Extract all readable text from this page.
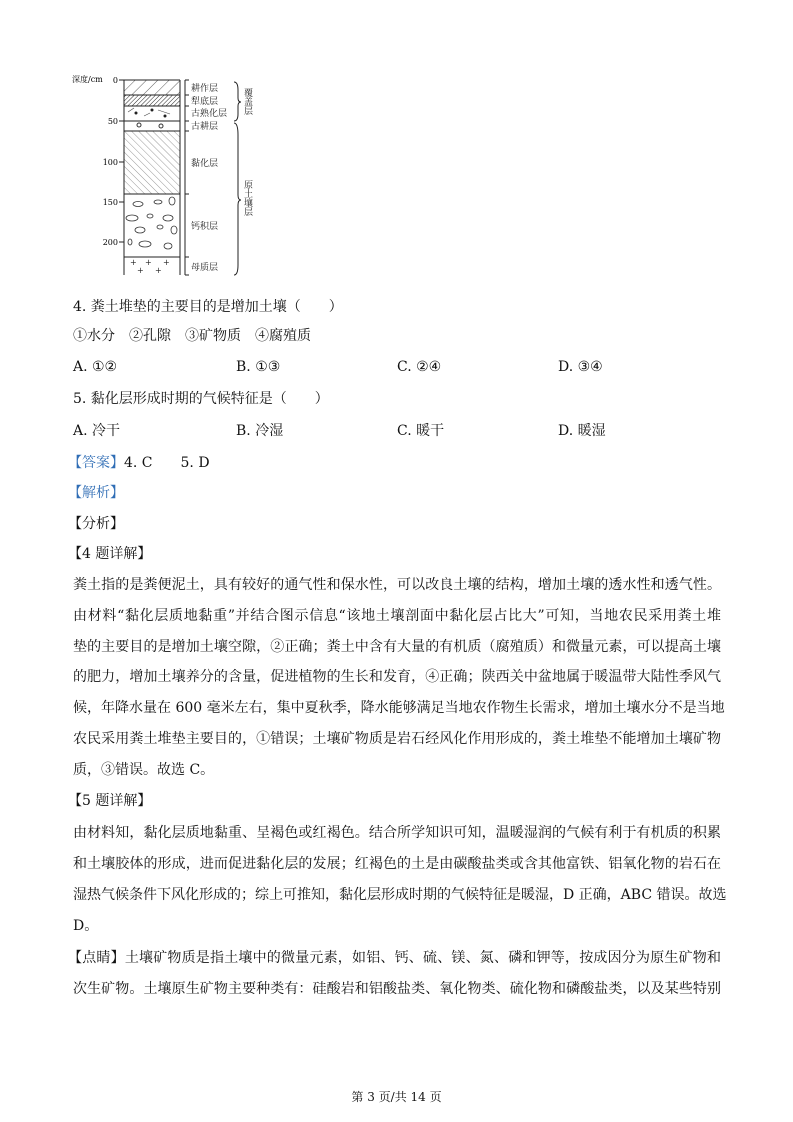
深度/cm 0
50
100
150
200
+ + +
+ +
耕作层
犁底层
古熟化层
古耕层
黏化层
钙积层
母质层
覆盖层
原土壤层
4. 粪土堆垫的主要目的是增加土壤（　　）
①水分　②孔隙　③矿物质　④腐殖质
A. ①②	B. ①③	C. ②④	D. ③④
5. 黏化层形成时期的气候特征是（　　）
A. 冷干	B. 冷湿	C. 暖干	D. 暖湿
【答案】4. C　　5. D
【解析】
【分析】
【4 题详解】
粪土指的是粪便泥土，具有较好的通气性和保水性，可以改良土壤的结构，增加土壤的透水性和透气性。
由材料“黏化层质地黏重”并结合图示信息“该地土壤剖面中黏化层占比大”可知，当地农民采用粪土堆
垫的主要目的是增加土壤空隙，②正确；粪土中含有大量的有机质（腐殖质）和微量元素，可以提高土壤
的肥力，增加土壤养分的含量，促进植物的生长和发育，④正确；陕西关中盆地属于暖温带大陆性季风气
候，年降水量在 600 毫米左右，集中夏秋季，降水能够满足当地农作物生长需求，增加土壤水分不是当地
农民采用粪土堆垫主要目的，①错误；土壤矿物质是岩石经风化作用形成的，粪土堆垫不能增加土壤矿物
质，③错误。故选 C。
【5 题详解】
由材料知，黏化层质地黏重、呈褐色或红褐色。结合所学知识可知，温暖湿润的气候有利于有机质的积累
和土壤胶体的形成，进而促进黏化层的发展；红褐色的土是由碳酸盐类或含其他富铁、铝氧化物的岩石在
湿热气候条件下风化形成的；综上可推知，黏化层形成时期的气候特征是暖湿，D 正确，ABC 错误。故选
D。
【点睛】土壤矿物质是指土壤中的微量元素，如铝、钙、硫、镁、氮、磷和钾等，按成因分为原生矿物和
次生矿物。土壤原生矿物主要种类有：硅酸岩和铝酸盐类、氧化物类、硫化物和磷酸盐类，以及某些特别
第 3 页/共 14 页
